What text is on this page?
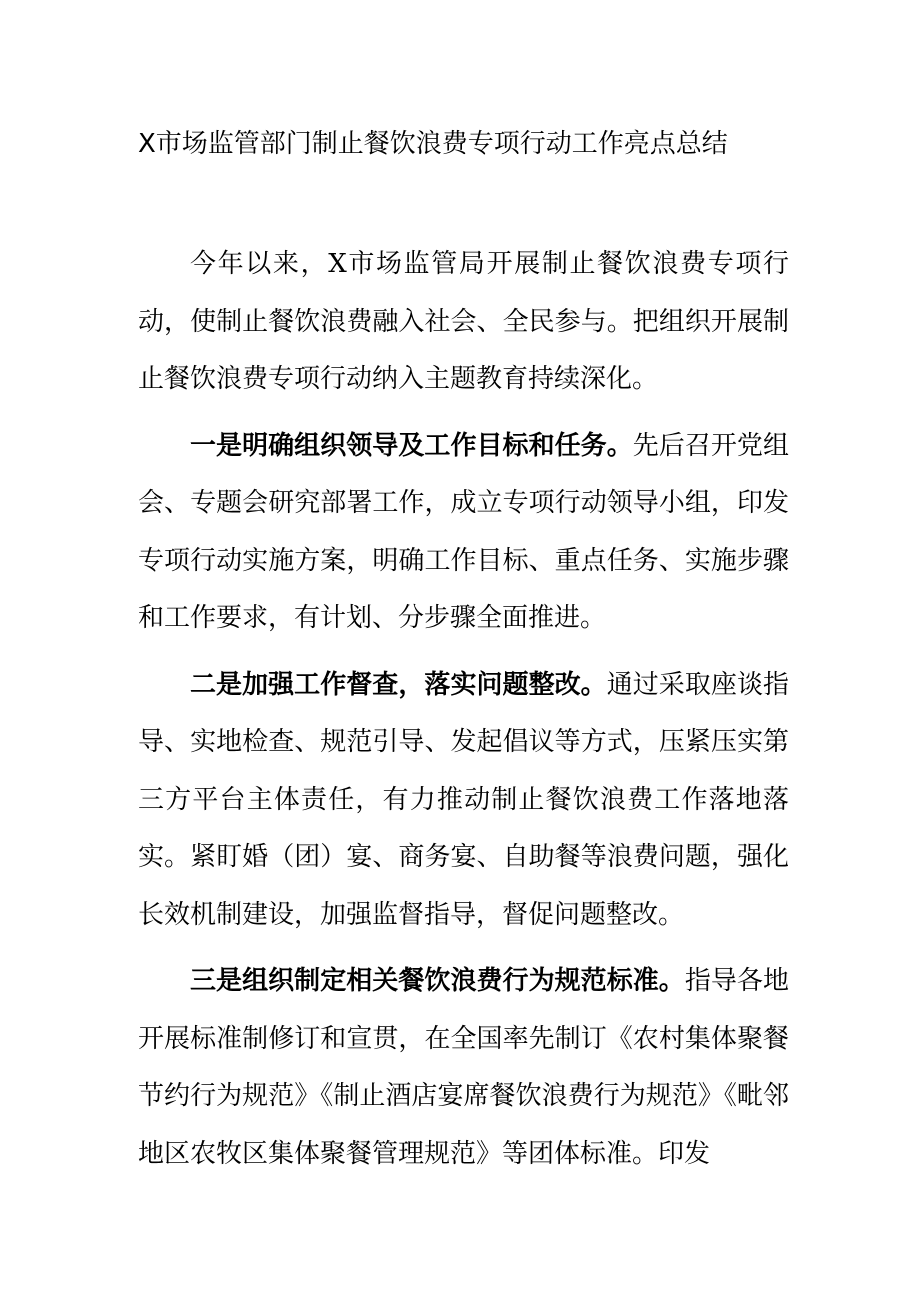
X市场监管部门制止餐饮浪费专项行动工作亮点总结

今年以来，X市场监管局开展制止餐饮浪费专项行动，使制止餐饮浪费融入社会、全民参与。把组织开展制止餐饮浪费专项行动纳入主题教育持续深化。

一是明确组织领导及工作目标和任务。先后召开党组会、专题会研究部署工作，成立专项行动领导小组，印发专项行动实施方案，明确工作目标、重点任务、实施步骤和工作要求，有计划、分步骤全面推进。

二是加强工作督查，落实问题整改。通过采取座谈指导、实地检查、规范引导、发起倡议等方式，压紧压实第三方平台主体责任，有力推动制止餐饮浪费工作落地落实。紧盯婚（团）宴、商务宴、自助餐等浪费问题，强化长效机制建设，加强监督指导，督促问题整改。

三是组织制定相关餐饮浪费行为规范标准。指导各地开展标准制修订和宣贯，在全国率先制订《农村集体聚餐节约行为规范》《制止酒店宴席餐饮浪费行为规范》《毗邻地区农牧区集体聚餐管理规范》等团体标准。印发
